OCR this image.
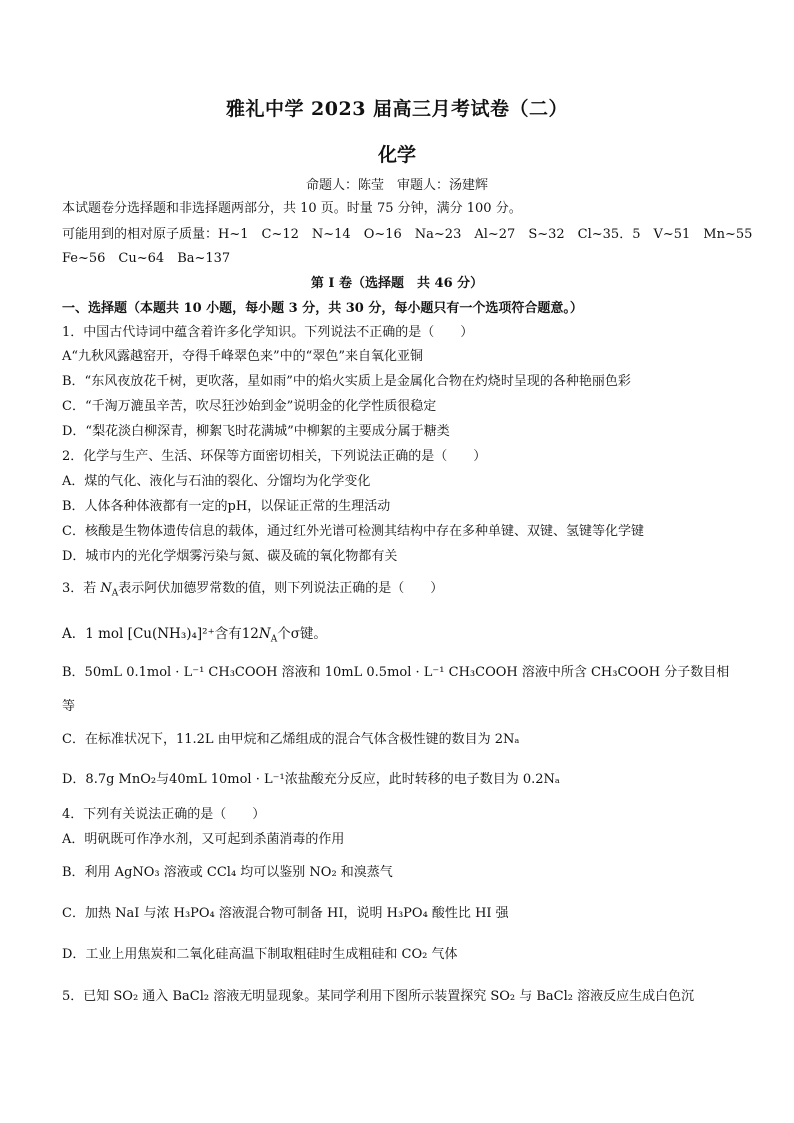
雅礼中学 2023 届高三月考试卷（二）
化学
命题人：陈莹　审题人：汤建辉
本试题卷分选择题和非选择题两部分，共 10 页。时量 75 分钟，满分 100 分。
可能用到的相对原子质量：H~1　C~12　N~14　O~16　Na~23　Al~27　S~32　Cl~35．5　V~51　Mn~55
Fe~56　Cu~64　Ba~137
第 I 卷（选择题　共 46 分）
一、选择题（本题共 10 小题，每小题 3 分，共 30 分，每小题只有一个选项符合题意。）
1．中国古代诗词中蕴含着许多化学知识。下列说法不正确的是（　　）
A“九秋风露越窑开，夺得千峰翠色来”中的“翠色”来自氧化亚铜
B．“东风夜放花千树，更吹落，星如雨”中的焰火实质上是金属化合物在灼烧时呈现的各种艳丽色彩
C．“千淘万漉虽辛苦，吹尽狂沙始到金”说明金的化学性质很稳定
D．“梨花淡白柳深青，柳絮飞时花满城”中柳絮的主要成分属于糖类
2．化学与生产、生活、环保等方面密切相关，下列说法正确的是（　　）
A．煤的气化、液化与石油的裂化、分馏均为化学变化
B．人体各种体液都有一定的pH，以保证正常的生理活动
C．核酸是生物体遗传信息的载体，通过红外光谱可检测其结构中存在多种单键、双键、氢键等化学键
D．城市内的光化学烟雾污染与氮、碳及硫的氧化物都有关
3．若 $N_A$表示阿伏加德罗常数的值，则下列说法正确的是（　　）
A．1 mol [Cu(NH₃)₄]²⁺含有$12N_A$个σ键。
B．50mL 0.1mol · L⁻¹ CH₃COOH 溶液和 10mL 0.5mol · L⁻¹ CH₃COOH 溶液中所含 CH₃COOH 分子数目相
等
C．在标准状况下，11.2L 由甲烷和乙烯组成的混合气体含极性键的数目为 2Nₐ
D．8.7g MnO₂与40mL 10mol · L⁻¹浓盐酸充分反应，此时转移的电子数目为 0.2Nₐ
4．下列有关说法正确的是（　　）
A．明矾既可作净水剂，又可起到杀菌消毒的作用
B．利用 AgNO₃ 溶液或 CCl₄ 均可以鉴别 NO₂ 和溴蒸气
C．加热 NaI 与浓 H₃PO₄ 溶液混合物可制备 HI，说明 H₃PO₄ 酸性比 HI 强
D．工业上用焦炭和二氧化硅高温下制取粗硅时生成粗硅和 CO₂ 气体
5．已知 SO₂ 通入 BaCl₂ 溶液无明显现象。某同学利用下图所示装置探究 SO₂ 与 BaCl₂ 溶液反应生成白色沉
